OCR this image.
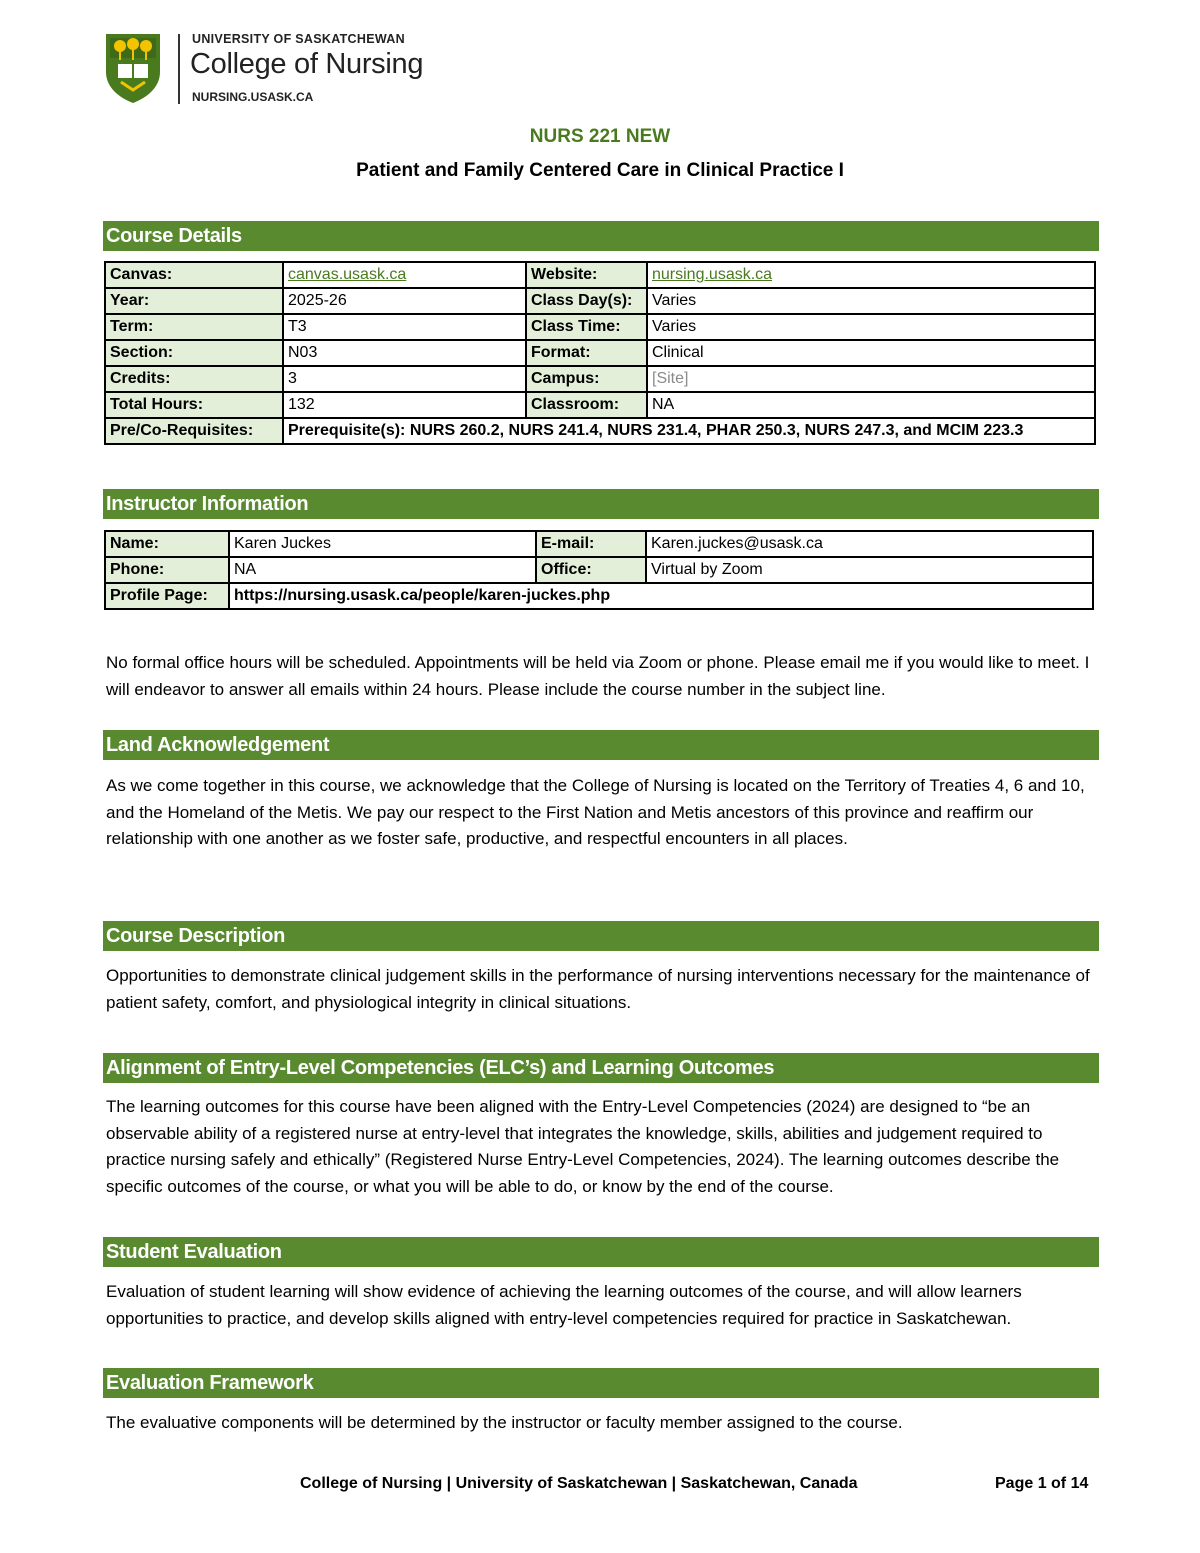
UNIVERSITY OF SASKATCHEWAN
College of Nursing
NURSING.USASK.CA
NURS 221 NEW
Patient and Family Centered Care in Clinical Practice I
Course Details
Canvas:	canvas.usask.ca	Website:	nursing.usask.ca
Year:	2025-26	Class Day(s):	Varies
Term:	T3	Class Time:	Varies
Section:	N03	Format:	Clinical
Credits:	3	Campus:	[Site]
Total Hours:	132	Classroom:	NA
Pre/Co-Requisites:	Prerequisite(s): NURS 260.2, NURS 241.4, NURS 231.4, PHAR 250.3, NURS 247.3, and MCIM 223.3		
Instructor Information
Name:	Karen Juckes	E-mail:	Karen.juckes@usask.ca
Phone:	NA	Office:	Virtual by Zoom
Profile Page:	https://nursing.usask.ca/people/karen-juckes.php		
No formal office hours will be scheduled. Appointments will be held via Zoom or phone. Please email me if you would like to meet. I will endeavor to answer all emails within 24 hours. Please include the course number in the subject line.
Land Acknowledgement
As we come together in this course, we acknowledge that the College of Nursing is located on the Territory of Treaties 4, 6 and 10, and the Homeland of the Metis. We pay our respect to the First Nation and Metis ancestors of this province and reaffirm our relationship with one another as we foster safe, productive, and respectful encounters in all places.
Course Description
Opportunities to demonstrate clinical judgement skills in the performance of nursing interventions necessary for the maintenance of patient safety, comfort, and physiological integrity in clinical situations.
Alignment of Entry-Level Competencies (ELC’s) and Learning Outcomes
The learning outcomes for this course have been aligned with the Entry-Level Competencies (2024) are designed to “be an observable ability of a registered nurse at entry-level that integrates the knowledge, skills, abilities and judgement required to practice nursing safely and ethically” (Registered Nurse Entry-Level Competencies, 2024). The learning outcomes describe the specific outcomes of the course, or what you will be able to do, or know by the end of the course.
Student Evaluation
Evaluation of student learning will show evidence of achieving the learning outcomes of the course, and will allow learners opportunities to practice, and develop skills aligned with entry-level competencies required for practice in Saskatchewan.
Evaluation Framework
The evaluative components will be determined by the instructor or faculty member assigned to the course.
College of Nursing | University of Saskatchewan | Saskatchewan, Canada	Page 1 of 14
